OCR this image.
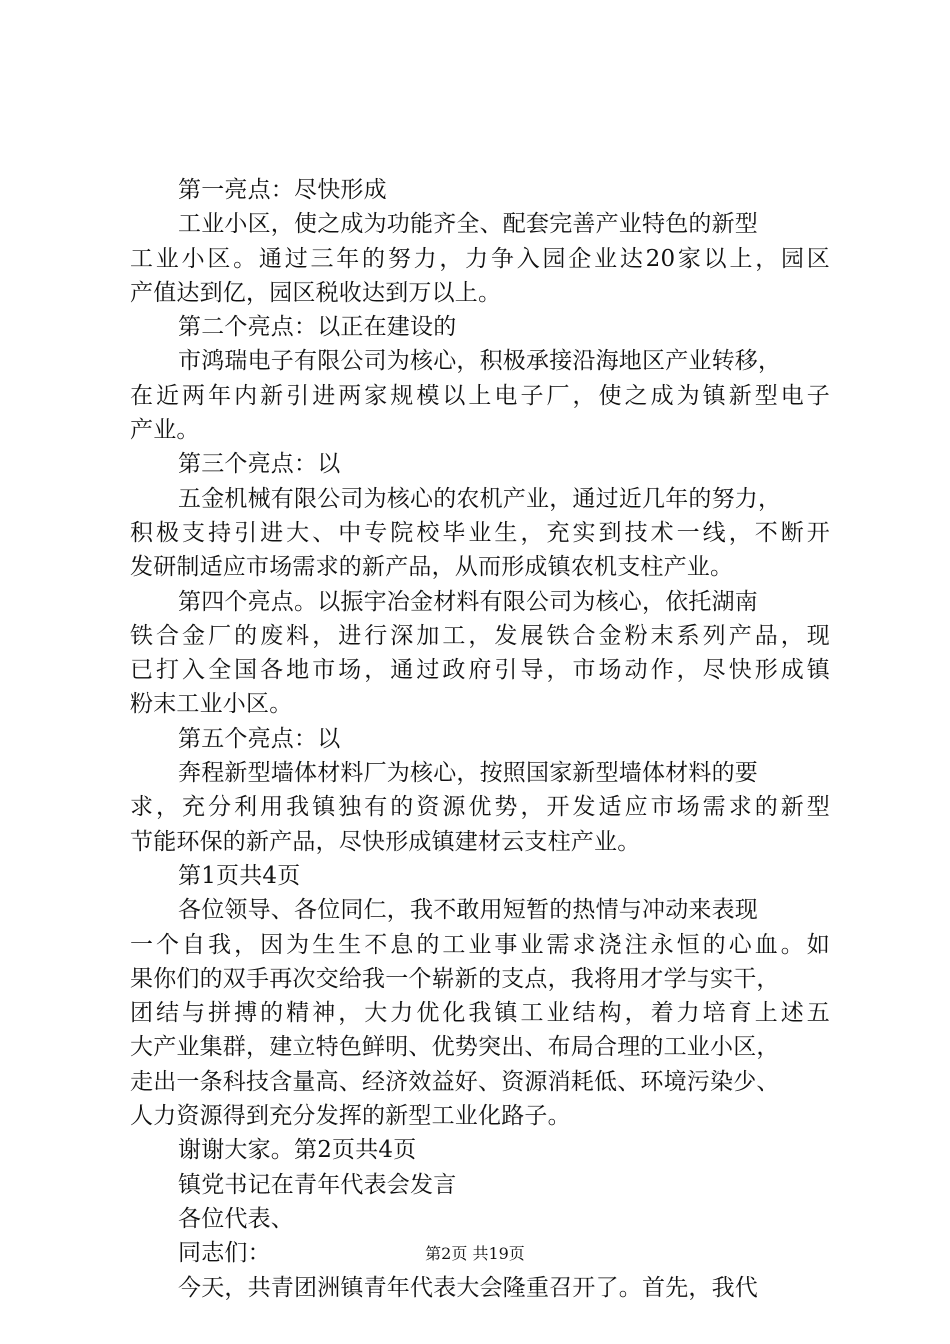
第一亮点：尽快形成
工业小区，使之成为功能齐全、配套完善产业特色的新型
工业小区。通过三年的努力，力争入园企业达20家以上，园区
产值达到亿，园区税收达到万以上。
第二个亮点：以正在建设的
市鸿瑞电子有限公司为核心，积极承接沿海地区产业转移，
在近两年内新引进两家规模以上电子厂，使之成为镇新型电子
产业。
第三个亮点：以
五金机械有限公司为核心的农机产业，通过近几年的努力，
积极支持引进大、中专院校毕业生，充实到技术一线，不断开
发研制适应市场需求的新产品，从而形成镇农机支柱产业。
第四个亮点。以振宇冶金材料有限公司为核心，依托湖南
铁合金厂的废料，进行深加工，发展铁合金粉末系列产品，现
已打入全国各地市场，通过政府引导，市场动作，尽快形成镇
粉末工业小区。
第五个亮点：以
奔程新型墙体材料厂为核心，按照国家新型墙体材料的要
求，充分利用我镇独有的资源优势，开发适应市场需求的新型
节能环保的新产品，尽快形成镇建材云支柱产业。
第1页共4页
各位领导、各位同仁，我不敢用短暂的热情与冲动来表现
一个自我，因为生生不息的工业事业需求浇注永恒的心血。如
果你们的双手再次交给我一个崭新的支点，我将用才学与实干，
团结与拼搏的精神，大力优化我镇工业结构，着力培育上述五
大产业集群，建立特色鲜明、优势突出、布局合理的工业小区，
走出一条科技含量高、经济效益好、资源消耗低、环境污染少、
人力资源得到充分发挥的新型工业化路子。
谢谢大家。第2页共4页
镇党书记在青年代表会发言
各位代表、
同志们：
今天，共青团洲镇青年代表大会隆重召开了。首先，我代
第2页 共19页
